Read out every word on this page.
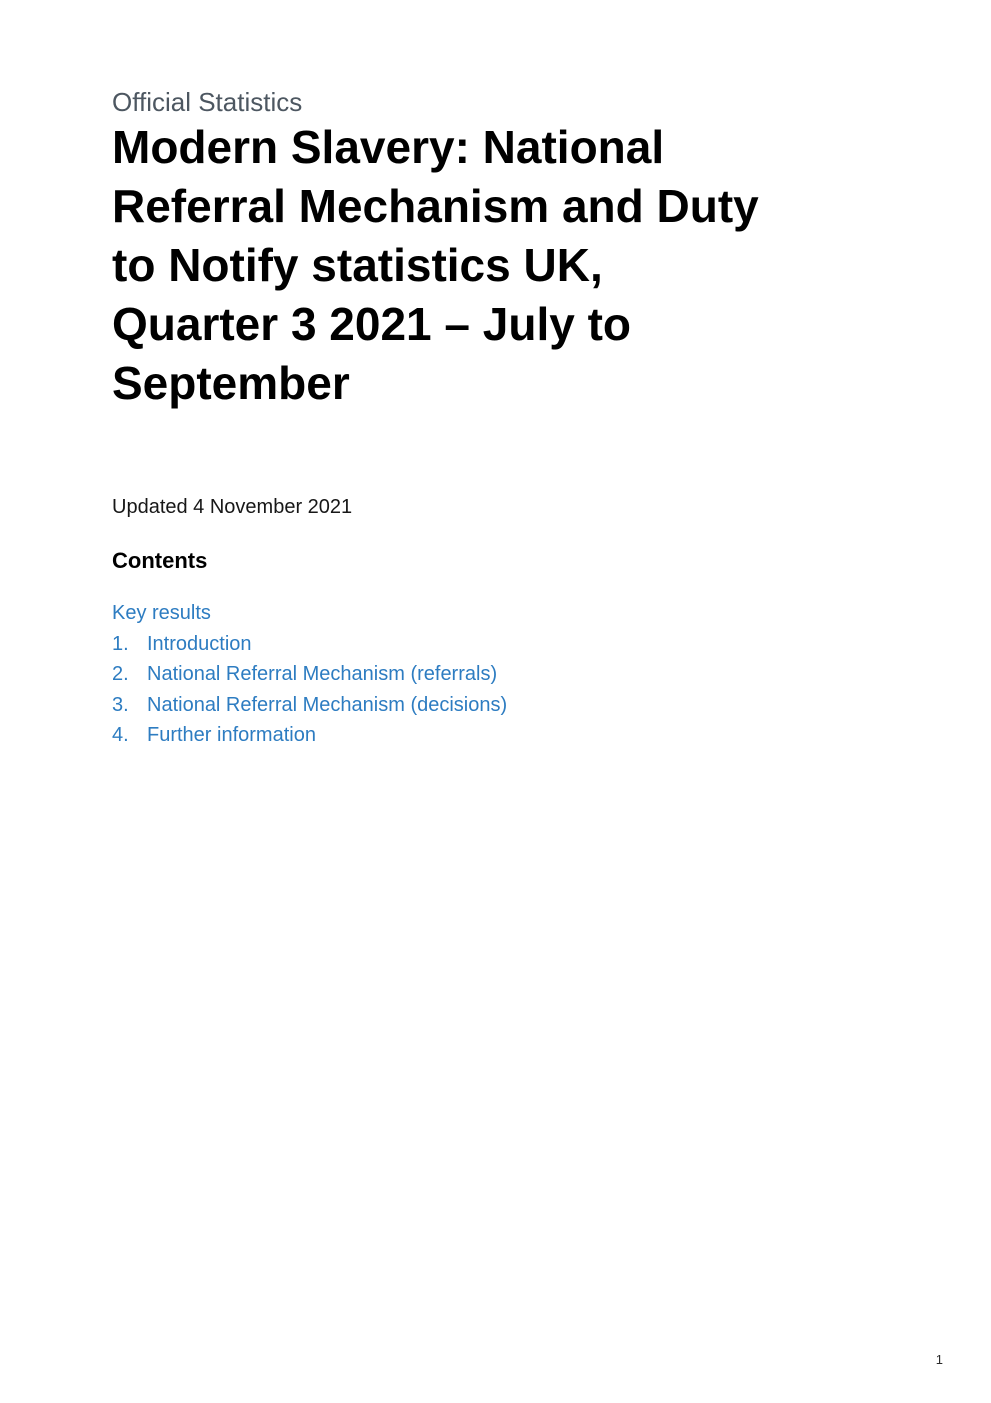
Official Statistics

Modern Slavery: National
Referral Mechanism and Duty
to Notify statistics UK,
Quarter 3 2021 – July to
September
Updated 4 November 2021
Contents
Key results
1. Introduction
2. National Referral Mechanism (referrals)
3. National Referral Mechanism (decisions)
4. Further information
1
